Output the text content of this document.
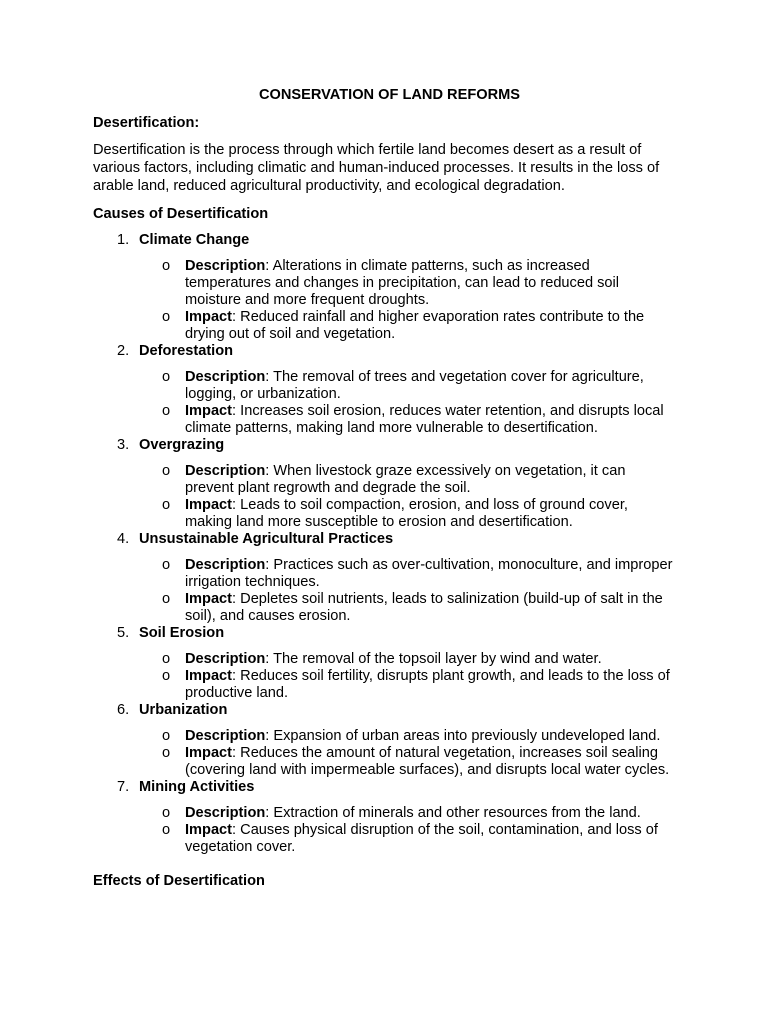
CONSERVATION OF LAND REFORMS
Desertification:

Desertification is the process through which fertile land becomes desert as a result of various factors, including climatic and human-induced processes. It results in the loss of arable land, reduced agricultural productivity, and ecological degradation.

Causes of Desertification
1. Climate Change
o Description: Alterations in climate patterns, such as increased temperatures and changes in precipitation, can lead to reduced soil moisture and more frequent droughts.
o Impact: Reduced rainfall and higher evaporation rates contribute to the drying out of soil and vegetation.
2. Deforestation
o Description: The removal of trees and vegetation cover for agriculture, logging, or urbanization.
o Impact: Increases soil erosion, reduces water retention, and disrupts local climate patterns, making land more vulnerable to desertification.
3. Overgrazing
o Description: When livestock graze excessively on vegetation, it can prevent plant regrowth and degrade the soil.
o Impact: Leads to soil compaction, erosion, and loss of ground cover, making land more susceptible to erosion and desertification.
4. Unsustainable Agricultural Practices
o Description: Practices such as over-cultivation, monoculture, and improper irrigation techniques.
o Impact: Depletes soil nutrients, leads to salinization (build-up of salt in the soil), and causes erosion.
5. Soil Erosion
o Description: The removal of the topsoil layer by wind and water.
o Impact: Reduces soil fertility, disrupts plant growth, and leads to the loss of productive land.
6. Urbanization
o Description: Expansion of urban areas into previously undeveloped land.
o Impact: Reduces the amount of natural vegetation, increases soil sealing (covering land with impermeable surfaces), and disrupts local water cycles.
7. Mining Activities
o Description: Extraction of minerals and other resources from the land.
o Impact: Causes physical disruption of the soil, contamination, and loss of vegetation cover.
Effects of Desertification
